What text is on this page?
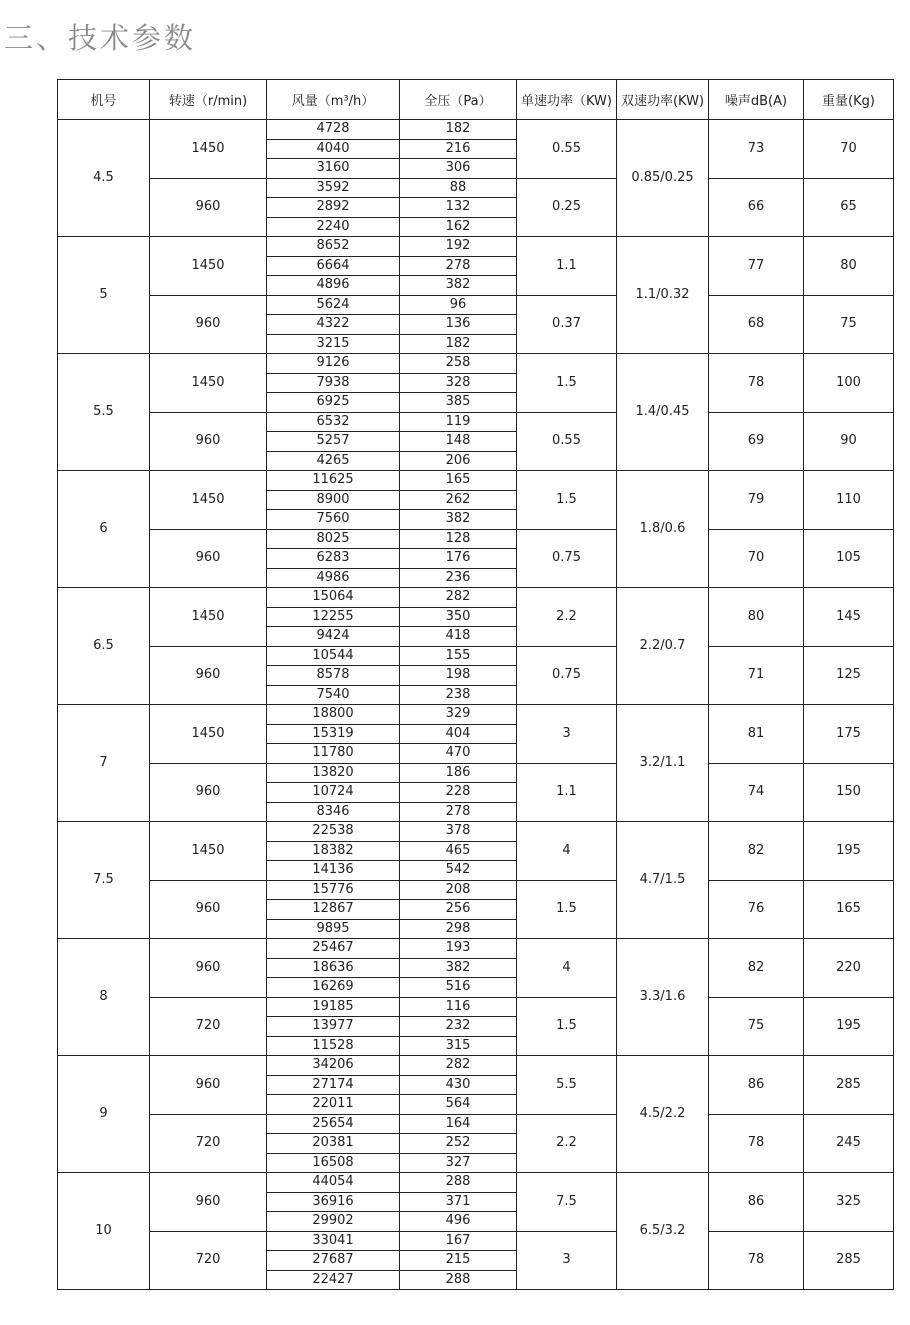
三、技术参数
机号	转速（r/min)	风量（m³/h）	全压（Pa）	单速功率（KW)	双速功率(KW)	噪声dB(A)	重量(Kg)
4.5	1450	4728	182	0.55	0.85/0.25	73	70
		4040	216				
		3160	306				
	960	3592	88	0.25		66	65
		2892	132				
		2240	162				
5	1450	8652	192	1.1	1.1/0.32	77	80
		6664	278				
		4896	382				
	960	5624	96	0.37		68	75
		4322	136				
		3215	182				
5.5	1450	9126	258	1.5	1.4/0.45	78	100
		7938	328				
		6925	385				
	960	6532	119	0.55		69	90
		5257	148				
		4265	206				
6	1450	11625	165	1.5	1.8/0.6	79	110
		8900	262				
		7560	382				
	960	8025	128	0.75		70	105
		6283	176				
		4986	236				
6.5	1450	15064	282	2.2	2.2/0.7	80	145
		12255	350				
		9424	418				
	960	10544	155	0.75		71	125
		8578	198				
		7540	238				
7	1450	18800	329	3	3.2/1.1	81	175
		15319	404				
		11780	470				
	960	13820	186	1.1		74	150
		10724	228				
		8346	278				
7.5	1450	22538	378	4	4.7/1.5	82	195
		18382	465				
		14136	542				
	960	15776	208	1.5		76	165
		12867	256				
		9895	298				
8	960	25467	193	4	3.3/1.6	82	220
		18636	382				
		16269	516				
	720	19185	116	1.5		75	195
		13977	232				
		11528	315				
9	960	34206	282	5.5	4.5/2.2	86	285
		27174	430				
		22011	564				
	720	25654	164	2.2		78	245
		20381	252				
		16508	327				
10	960	44054	288	7.5	6.5/3.2	86	325
		36916	371				
		29902	496				
	720	33041	167	3		78	285
		27687	215				
		22427	288				
